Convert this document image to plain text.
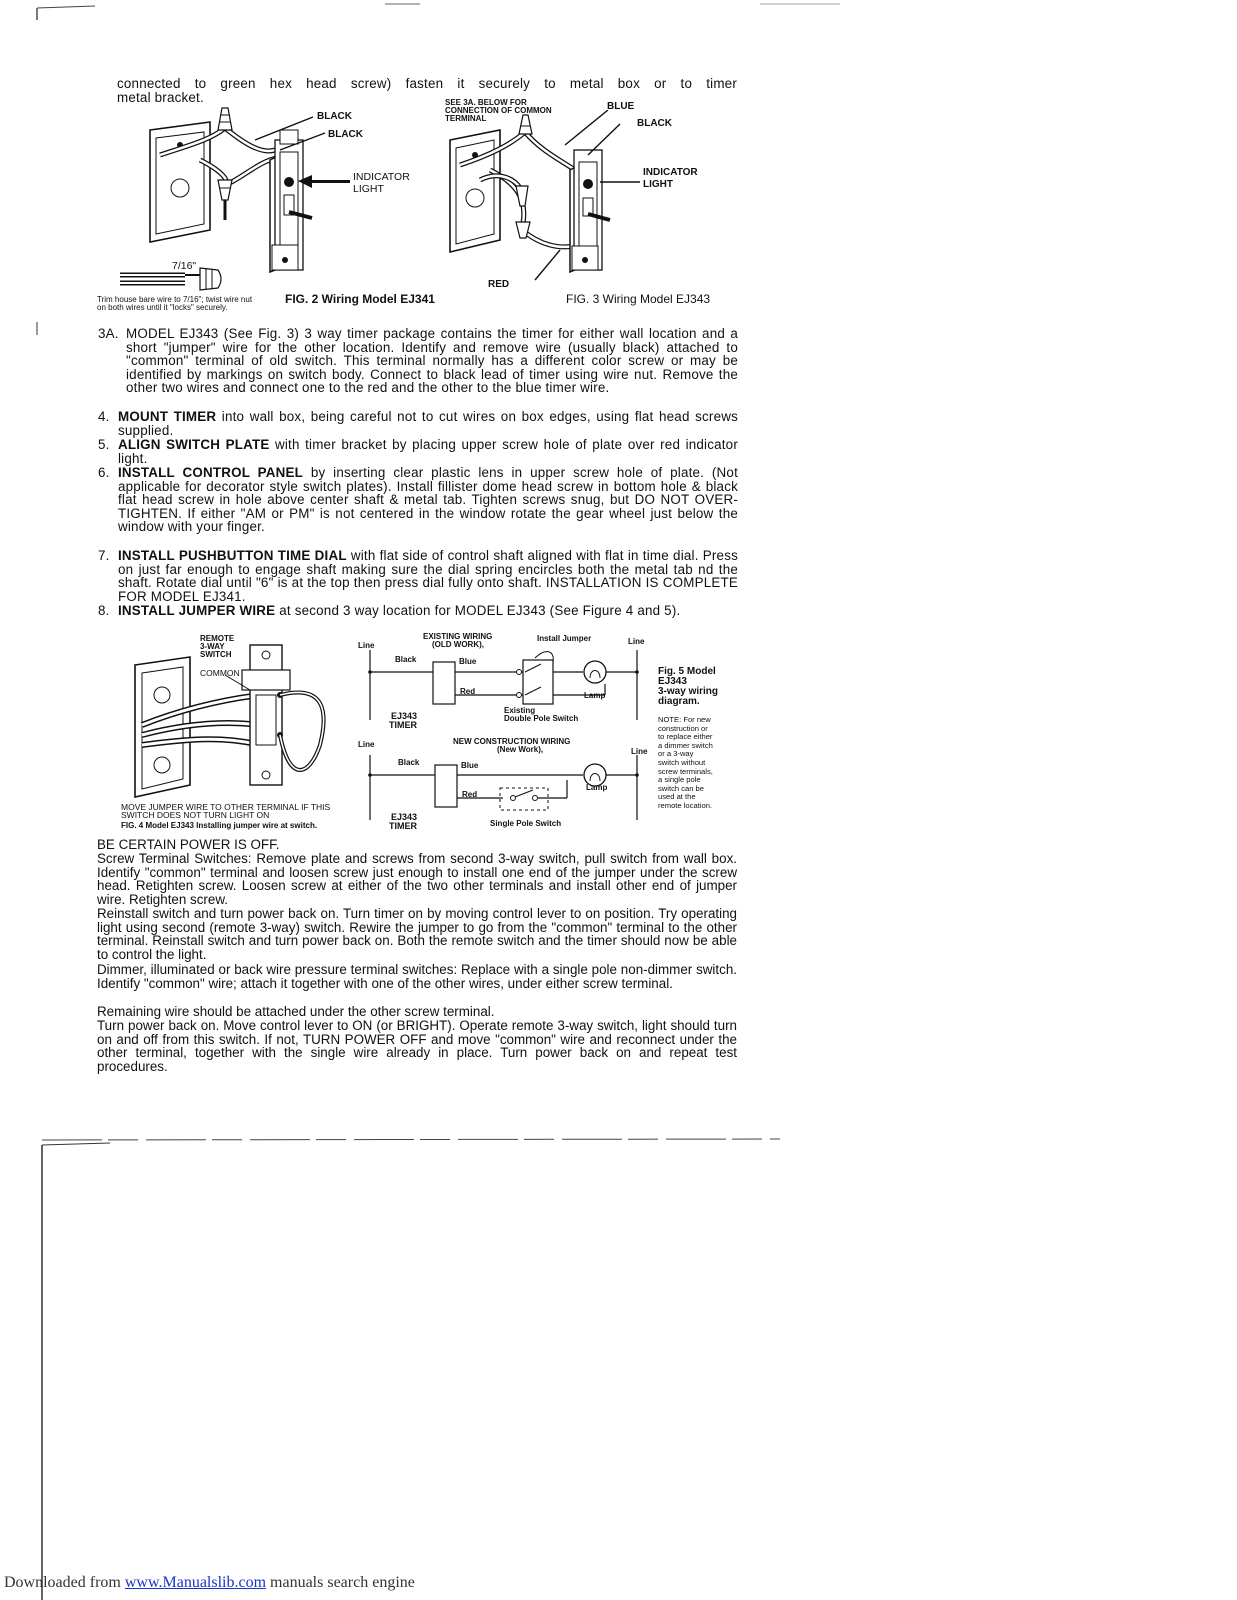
connected to green hex head screw) fasten it securely to metal box or to timer
metal bracket.
BLACK
BLACK
INDICATOR
LIGHT
7/16"
Trim house bare wire to 7/16"; twist wire nut
on both wires until it "locks" securely.
FIG. 2 Wiring Model EJ341
SEE 3A. BELOW FOR
CONNECTION OF COMMON
TERMINAL
BLUE
BLACK
INDICATOR
LIGHT
RED
FIG. 3 Wiring Model EJ343
3A. MODEL EJ343 (See Fig. 3) 3 way timer package contains the timer for either wall location and a short "jumper" wire for the other location. Identify and remove wire (usually black) attached to "common" terminal of old switch. This terminal normally has a different color screw or may be identified by markings on switch body. Connect to black lead of timer using wire nut. Remove the other two wires and connect one to the red and the other to the blue timer wire.
4. MOUNT TIMER into wall box, being careful not to cut wires on box edges, using flat head screws supplied.
5. ALIGN SWITCH PLATE with timer bracket by placing upper screw hole of plate over red indicator light.
6. INSTALL CONTROL PANEL by inserting clear plastic lens in upper screw hole of plate. (Not applicable for decorator style switch plates). Install fillister dome head screw in bottom hole & black flat head screw in hole above center shaft & metal tab. Tighten screws snug, but DO NOT OVER-TIGHTEN. If either "AM or PM" is not centered in the window rotate the gear wheel just below the window with your finger.
7. INSTALL PUSHBUTTON TIME DIAL with flat side of control shaft aligned with flat in time dial. Press on just far enough to engage shaft making sure the dial spring encircles both the metal tab nd the shaft. Rotate dial until "6" is at the top then press dial fully onto shaft. INSTALLATION IS COMPLETE FOR MODEL EJ341.
8. INSTALL JUMPER WIRE at second 3 way location for MODEL EJ343 (See Figure 4 and 5).
REMOTE
3-WAY
SWITCH
COMMON
MOVE JUMPER WIRE TO OTHER TERMINAL IF THIS
SWITCH DOES NOT TURN LIGHT ON
FIG. 4 Model EJ343 Installing jumper wire at switch.
EXISTING WIRING
(OLD WORK),
Install Jumper
Line	Line
Black	Blue
Red	Lamp
EJ343
TIMER
Existing
Double Pole Switch
NEW CONSTRUCTION WIRING
(New Work),
Line
Line
Black	Blue
Red
Lamp
EJ343
TIMER	Single Pole Switch
Fig. 5 Model
EJ343
3-way wiring
diagram.
NOTE: For new
construction or
to replace either
a dimmer switch
or a 3-way
switch without
screw terminals,
a single pole
switch can be
used at the
remote location.
BE CERTAIN POWER IS OFF.
Screw Terminal Switches: Remove plate and screws from second 3-way switch, pull switch from wall box. Identify "common" terminal and loosen screw just enough to install one end of the jumper under the screw head. Retighten screw. Loosen screw at either of the two other terminals and install other end of jumper wire. Retighten screw.
Reinstall switch and turn power back on. Turn timer on by moving control lever to on position. Try operating light using second (remote 3-way) switch. Rewire the jumper to go from the "common" terminal to the other terminal. Reinstall switch and turn power back on. Both the remote switch and the timer should now be able to control the light.
Dimmer, illuminated or back wire pressure terminal switches: Replace with a single pole non-dimmer switch. Identify "common" wire; attach it together with one of the other wires, under either screw terminal.
Remaining wire should be attached under the other screw terminal.
Turn power back on. Move control lever to ON (or BRIGHT). Operate remote 3-way switch, light should turn on and off from this switch. If not, TURN POWER OFF and move "common" wire and reconnect under the other terminal, together with the single wire already in place. Turn power back on and repeat test procedures.
Downloaded from www.Manualslib.com manuals search engine
